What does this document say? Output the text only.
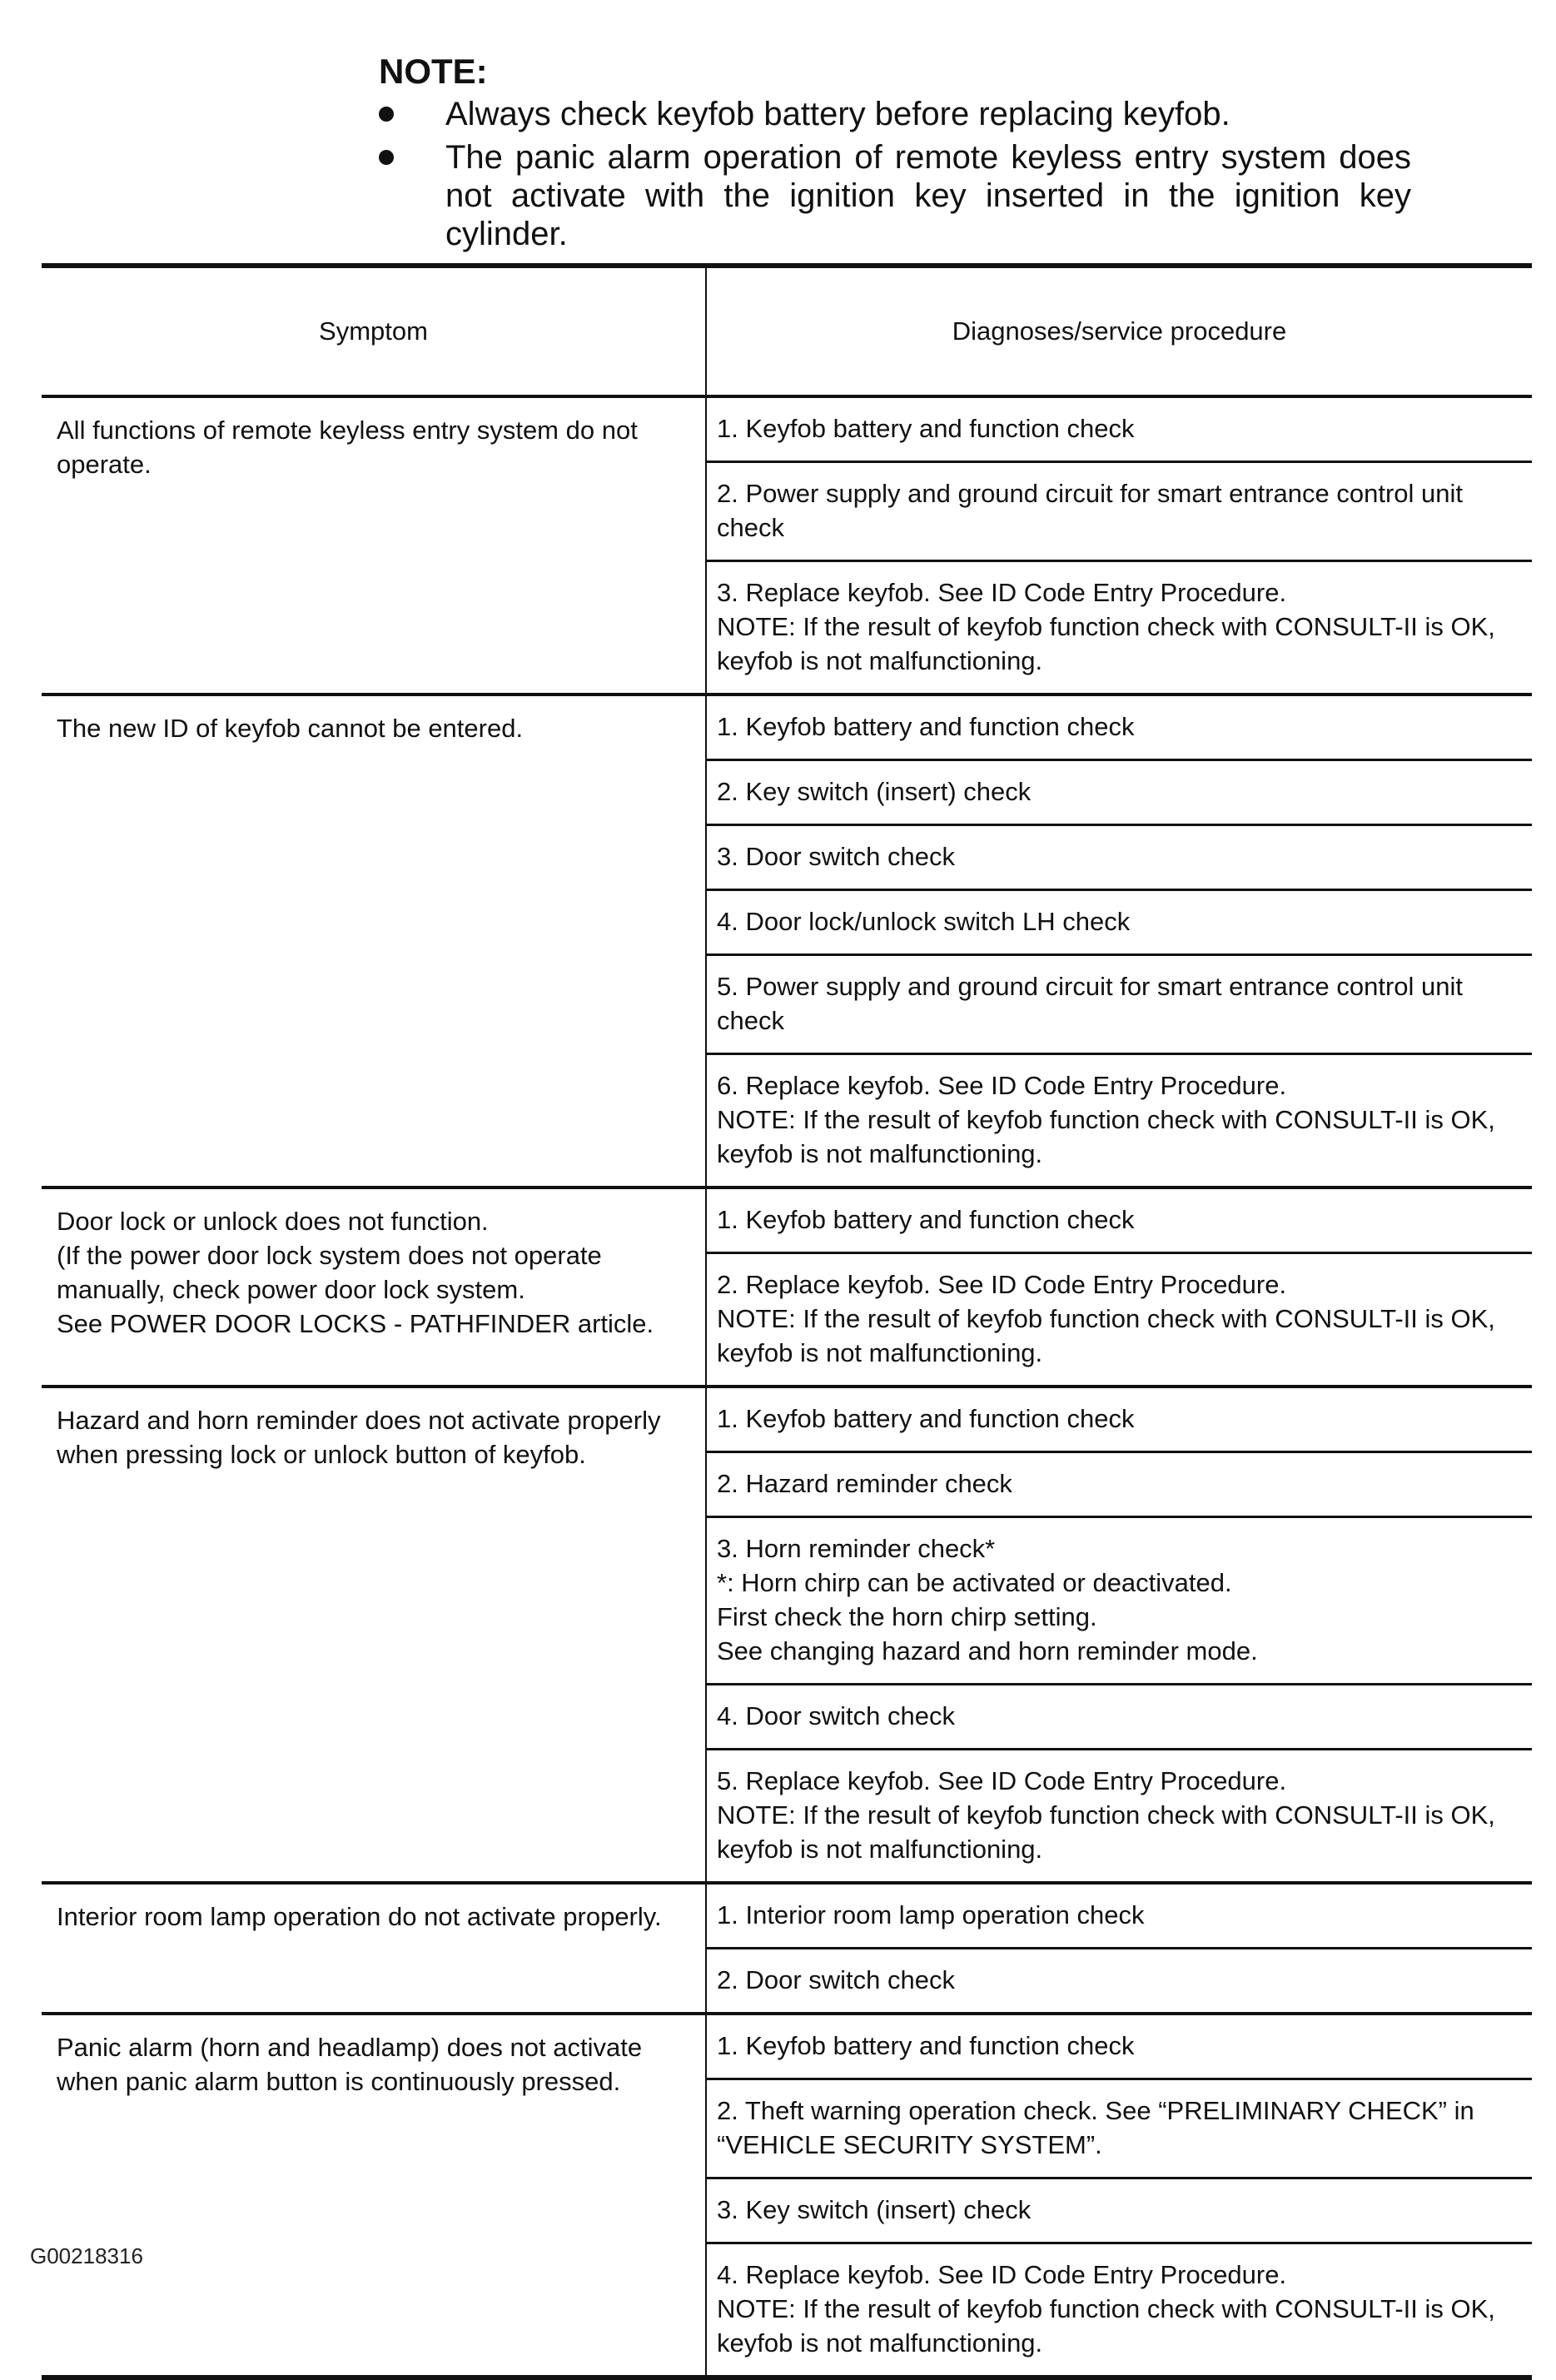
NOTE:
Always check keyfob battery before replacing keyfob.
The panic alarm operation of remote keyless entry system does not activate with the ignition key inserted in the ignition key cylinder.
Symptom	Diagnoses/service procedure

All functions of remote keyless entry system do not operate.	1. Keyfob battery and function check

	2. Power supply and ground circuit for smart entrance control unit check

	3. Replace keyfob. See ID Code Entry Procedure.
NOTE: If the result of keyfob function check with CONSULT-II is OK, keyfob is not malfunctioning.

The new ID of keyfob cannot be entered.	1. Keyfob battery and function check

	2. Key switch (insert) check

	3. Door switch check

	4. Door lock/unlock switch LH check

	5. Power supply and ground circuit for smart entrance control unit check

	6. Replace keyfob. See ID Code Entry Procedure.
NOTE: If the result of keyfob function check with CONSULT-II is OK, keyfob is not malfunctioning.

Door lock or unlock does not function.
(If the power door lock system does not operate manually, check power door lock system.
See POWER DOOR LOCKS - PATHFINDER article.	1. Keyfob battery and function check

	2. Replace keyfob. See ID Code Entry Procedure.
NOTE: If the result of keyfob function check with CONSULT-II is OK, keyfob is not malfunctioning.

Hazard and horn reminder does not activate properly when pressing lock or unlock button of keyfob.	1. Keyfob battery and function check

	2. Hazard reminder check

	3. Horn reminder check*
*: Horn chirp can be activated or deactivated.
First check the horn chirp setting.
See changing hazard and horn reminder mode.

	4. Door switch check

	5. Replace keyfob. See ID Code Entry Procedure.
NOTE: If the result of keyfob function check with CONSULT-II is OK, keyfob is not malfunctioning.

Interior room lamp operation do not activate properly.	1. Interior room lamp operation check

	2. Door switch check

Panic alarm (horn and headlamp) does not activate when panic alarm button is continuously pressed.	1. Keyfob battery and function check

	2. Theft warning operation check. See “PRELIMINARY CHECK” in “VEHICLE SECURITY SYSTEM”.

	3. Key switch (insert) check

	4. Replace keyfob. See ID Code Entry Procedure.
NOTE: If the result of keyfob function check with CONSULT-II is OK, keyfob is not malfunctioning.
G00218316
